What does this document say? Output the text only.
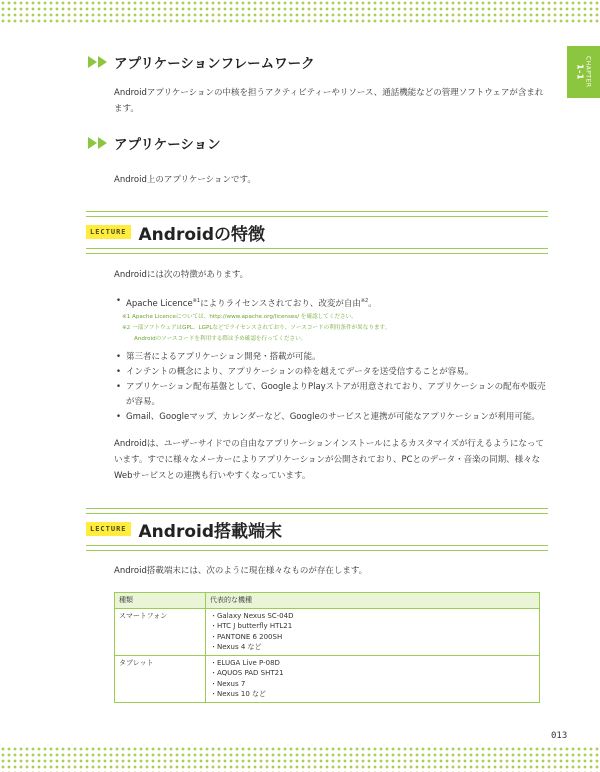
CHAPTER
1-1
アプリケーションフレームワーク
Androidアプリケーションの中核を担うアクティビティーやリソース、通話機能などの管理ソフトウェアが含まれます。
アプリケーション
Android上のアプリケーションです。
LECTURE Androidの特徴
Androidには次の特徴があります。
• Apache Licence$^{※1}$によりライセンスされており、改変が自由$^{※2}$。
※1 Apache Licenceについては、http://www.apache.org/licenses/ を確認してください。
※2 一部ソフトウェアはGPL、LGPLなどでライセンスされており、ソースコードの利用条件が異なります。
Androidのソースコードを利用する際は予め確認を行ってください。
• 第三者によるアプリケーション開発・搭載が可能。
• インテントの概念により、アプリケーションの枠を越えてデータを送受信することが容易。
• アプリケーション配布基盤として、GoogleよりPlayストアが用意されており、アプリケーションの配布や販売が容易。
• Gmail、Googleマップ、カレンダーなど、Googleのサービスと連携が可能なアプリケーションが利用可能。
Androidは、ユーザーサイドでの自由なアプリケーションインストールによるカスタマイズが行えるようになっています。すでに様々なメーカーによりアプリケーションが公開されており、PCとのデータ・音楽の同期、様々なWebサービスとの連携も行いやすくなっています。
LECTURE Android搭載端末
Android搭載端末には、次のように現在様々なものが存在します。
種類	代表的な機種
スマートフォン	・Galaxy Nexus SC-04D
・HTC J butterfly HTL21
・PANTONE 6 200SH
・Nexus 4 など

タブレット	・ELUGA Live P-08D
・AQUOS PAD SHT21
・Nexus 7
・Nexus 10 など
013
